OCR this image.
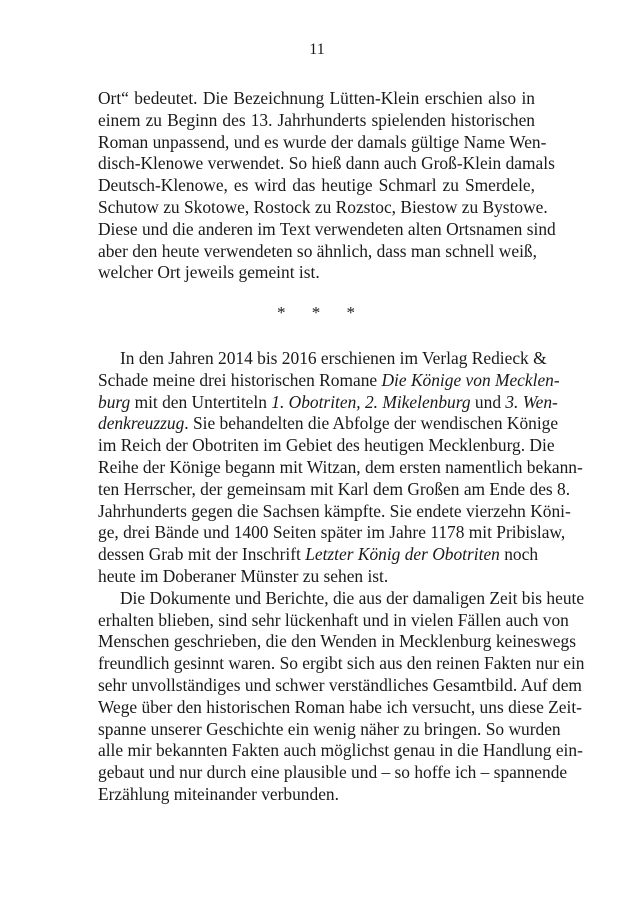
11
Ort“ bedeutet. Die Bezeichnung Lütten-Klein erschien also in
einem zu Beginn des 13. Jahrhunderts spielenden historischen
Roman unpassend, und es wurde der damals gültige Name Wen-
disch-Klenowe verwendet. So hieß dann auch Groß-Klein damals
Deutsch-Klenowe, es wird das heutige Schmarl zu Smerdele,
Schutow zu Skotowe, Rostock zu Rozstoc, Biestow zu Bystowe.
Diese und die anderen im Text verwendeten alten Ortsnamen sind
aber den heute verwendeten so ähnlich, dass man schnell weiß,
welcher Ort jeweils gemeint ist.
* * *
In den Jahren 2014 bis 2016 erschienen im Verlag Redieck &
Schade meine drei historischen Romane Die Könige von Mecklen-
burg mit den Untertiteln 1. Obotriten, 2. Mikelenburg und 3. Wen-
denkreuzzug. Sie behandelten die Abfolge der wendischen Könige
im Reich der Obotriten im Gebiet des heutigen Mecklenburg. Die
Reihe der Könige begann mit Witzan, dem ersten namentlich bekann-
ten Herrscher, der gemeinsam mit Karl dem Großen am Ende des 8.
Jahrhunderts gegen die Sachsen kämpfte. Sie endete vierzehn Köni-
ge, drei Bände und 1400 Seiten später im Jahre 1178 mit Pribislaw,
dessen Grab mit der Inschrift Letzter König der Obotriten noch
heute im Doberaner Münster zu sehen ist.
Die Dokumente und Berichte, die aus der damaligen Zeit bis heute
erhalten blieben, sind sehr lückenhaft und in vielen Fällen auch von
Menschen geschrieben, die den Wenden in Mecklenburg keineswegs
freundlich gesinnt waren. So ergibt sich aus den reinen Fakten nur ein
sehr unvollständiges und schwer verständliches Gesamtbild. Auf dem
Wege über den historischen Roman habe ich versucht, uns diese Zeit-
spanne unserer Geschichte ein wenig näher zu bringen. So wurden
alle mir bekannten Fakten auch möglichst genau in die Handlung ein-
gebaut und nur durch eine plausible und – so hoffe ich – spannende
Erzählung miteinander verbunden.
